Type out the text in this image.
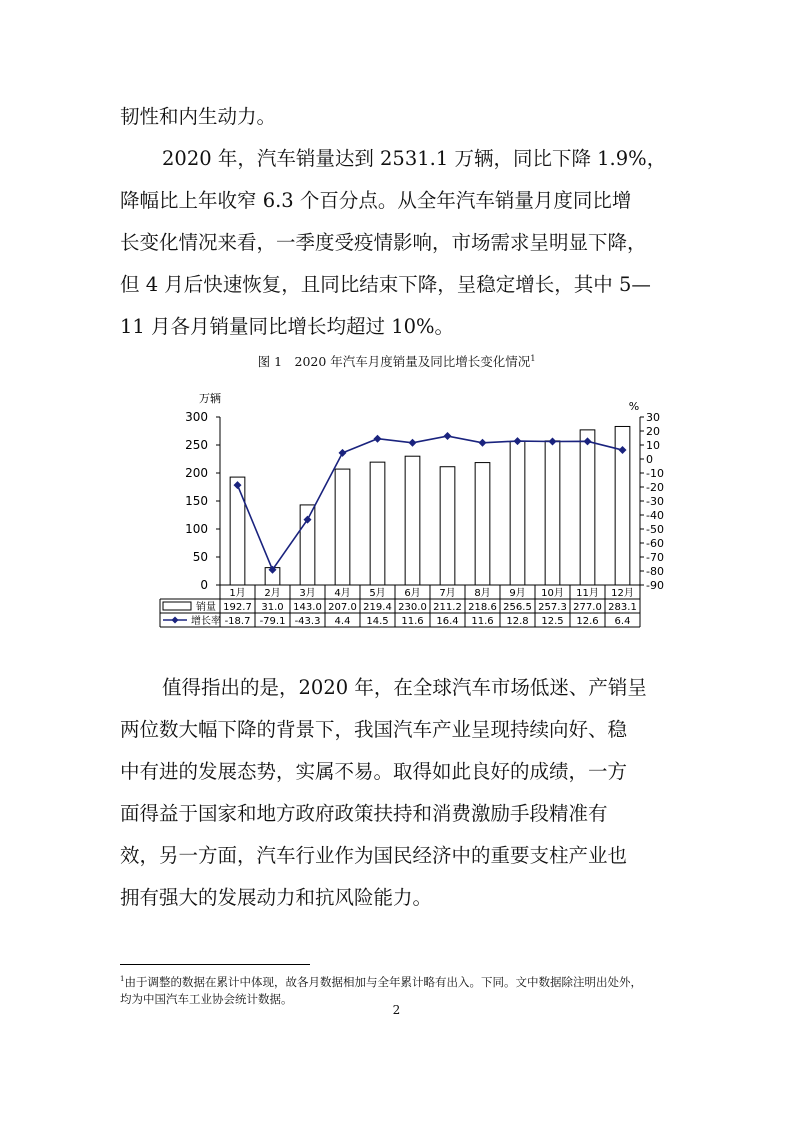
韧性和内生动力。
2020 年，汽车销量达到 2531.1 万辆，同比下降 1.9%，
降幅比上年收窄 6.3 个百分点。从全年汽车销量月度同比增
长变化情况来看，一季度受疫情影响，市场需求呈明显下降，
但 4 月后快速恢复，且同比结束下降，呈稳定增长，其中 5—
11 月各月销量同比增长均超过 10%。
图 1　2020 年汽车月度销量及同比增长变化情况$^1$
万辆
%
0
50
100
150
200
250
300	30
20
10
0
-10
-20
-30
-40
-50
-60
-70
-80
-90
1月
192.7
-18.7
2月
31.0
-79.1
3月
143.0
-43.3
4月
207.0
4.4
5月
219.4
14.5
6月
230.0
11.6
7月
211.2
16.4
8月
218.6
11.6
9月
256.5
12.8
10月
257.3
12.5
11月
277.0
12.6
12月
283.1
6.4
销量
增长率
值得指出的是，2020 年，在全球汽车市场低迷、产销呈
两位数大幅下降的背景下，我国汽车产业呈现持续向好、稳
中有进的发展态势，实属不易。取得如此良好的成绩，一方
面得益于国家和地方政府政策扶持和消费激励手段精准有
效，另一方面，汽车行业作为国民经济中的重要支柱产业也
拥有强大的发展动力和抗风险能力。
$^1$由于调整的数据在累计中体现，故各月数据相加与全年累计略有出入。下同。文中数据除注明出处外，
均为中国汽车工业协会统计数据。
2
